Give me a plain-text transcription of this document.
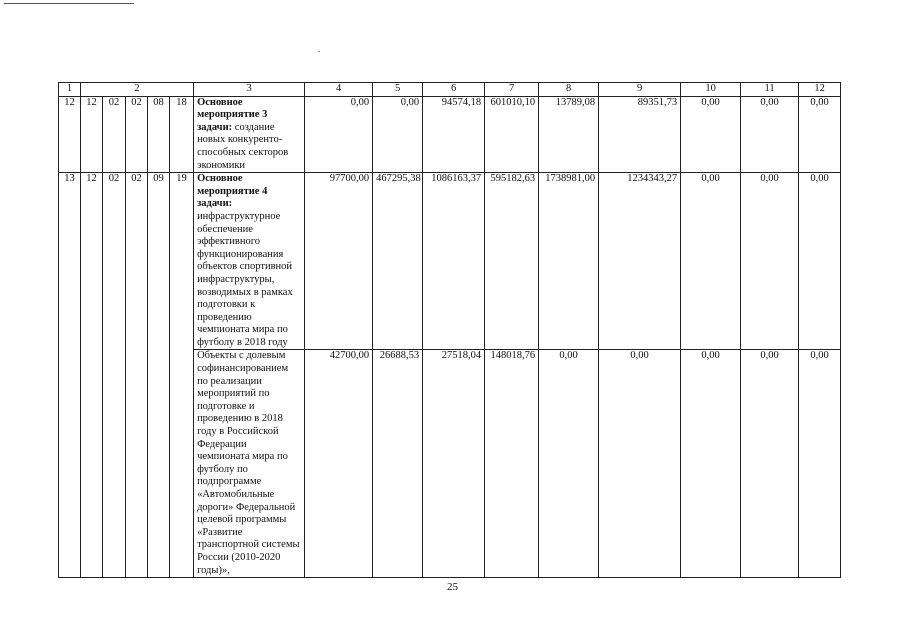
1	2					3	4	5	6	7	8	9	10	11	12
12	12	02	02	08	18	Основное мероприятие 3 задачи: создание новых конкуренто-способных секторов экономики	0,00	0,00	94574,18	601010,10	13789,08	89351,73	0,00	0,00	0,00
13	12	02	02	09	19	Основное мероприятие 4 задачи: инфраструктурное обеспечение эффективного функционирования объектов спортивной инфраструктуры, возводимых в рамках подготовки к проведению чемпионата мира по футболу в 2018 году	97700,00	467295,38	1086163,37	595182,63	1738981,00	1234343,27	0,00	0,00	0,00
						Объекты с долевым софинансированием по реализации мероприятий по подготовке и проведению в 2018 году в Российской Федерации чемпионата мира по футболу по подпрограмме «Автомобильные дороги» Федеральной целевой программы «Развитие транспортной системы России (2010-2020 годы)»,	42700,00	26688,53	27518,04	148018,76	0,00	0,00	0,00	0,00	0,00
25
